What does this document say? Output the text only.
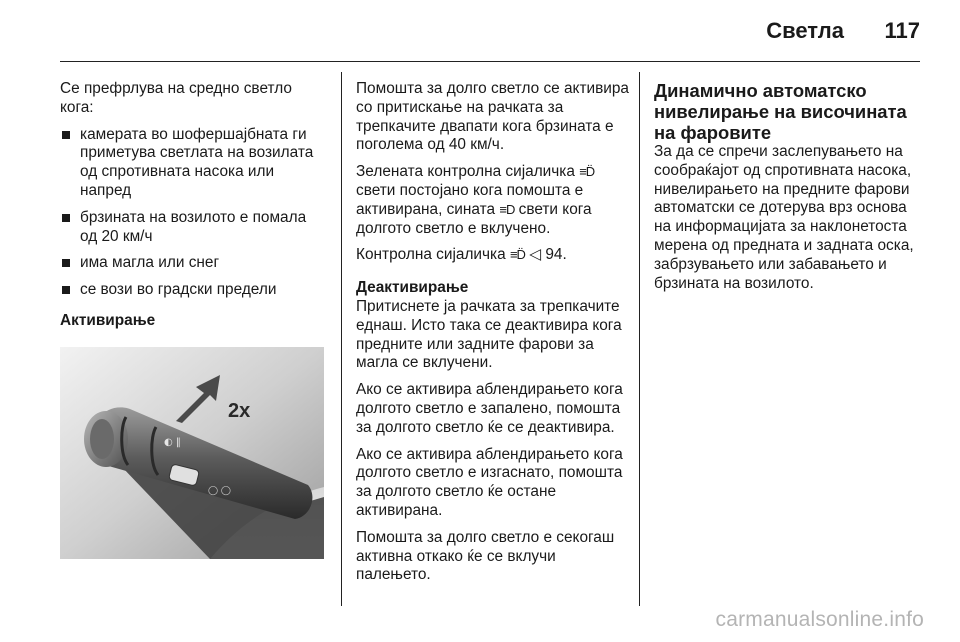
Светла 117

Се префрлува на средно светло кога:

камерата во шофершајбната ги приметува светлата на возилата од спротивната насока или напред
брзината на возилото е помала од 20 км/ч
има магла или снег
се вози во градски предели
Активирање
◐ ‖
◯ ◯
2x

Помошта за долго светло се активира со притискање на рачката за трепкачите двапати кога брзината е поголема од 40 км/ч.

Зелената контролна сијаличка ≡D̈ свети постојано кога помошта е активирана, сината ≡D свети кога долгото светло е вклучено.

Контролна сијаличка ≡D̈ ◁ 94.

Деактивирање

Притиснете ја рачката за трепкачите еднаш. Исто така се деактивира кога предните или задните фарови за магла се вклучени.

Ако се активира аблендирањето кога долгото светло е запалено, помошта за долгото светло ќе се деактивира.

Ако се активира аблендирањето кога долгото светло е изгаснато, помошта за долгото светло ќе остане активирана.

Помошта за долго светло е секогаш активна откако ќе се вклучи палењето.

Динамично автоматско нивелирање на височината на фаровите

За да се спречи заслепувањето на сообраќајот од спротивната насока, нивелирањето на предните фарови автоматски се дотерува врз основа на информацијата за наклонетоста мерена од предната и задната оска, забрзувањето или забавањето и брзината на возилото.

carmanualsonline.info
